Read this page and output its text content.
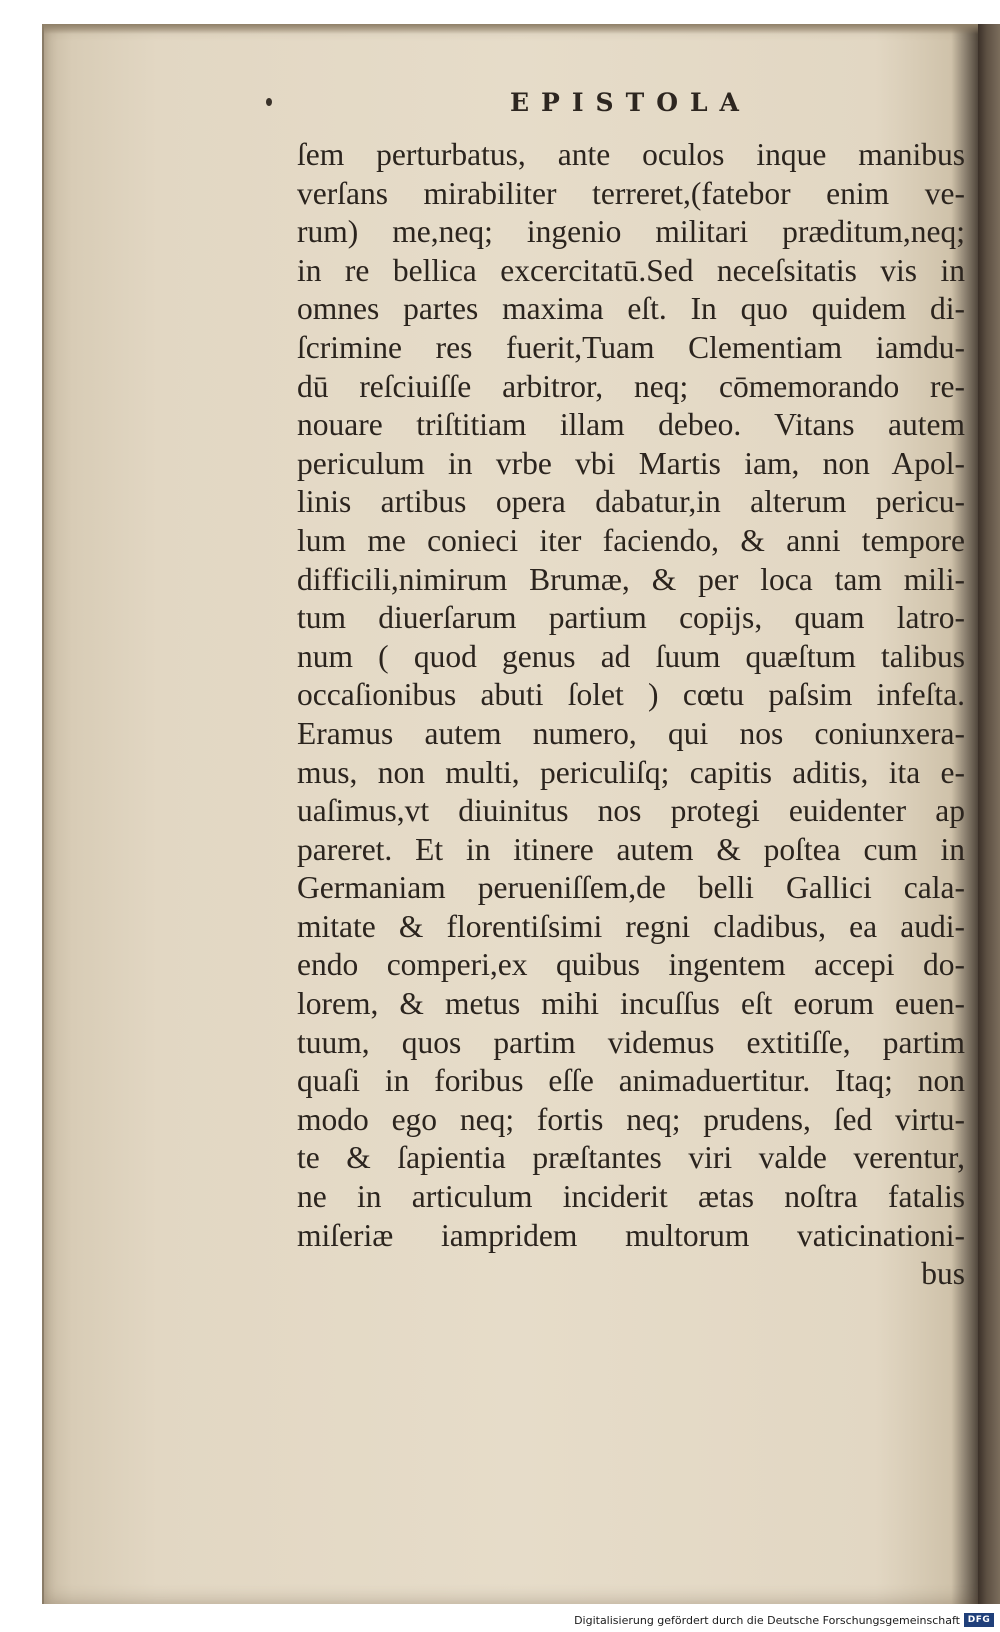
EPISTOLA
ſem perturbatus, ante oculos inque manibus
verſans mirabiliter terreret,(fatebor enim ve-
rum) me,neq; ingenio militari præditum,neq;
in re bellica excercitatū.Sed neceſsitatis vis in
omnes partes maxima eſt. In quo quidem di-
ſcrimine res fuerit,Tuam Clementiam iamdu-
dū reſciuiſſe arbitror, neq; cōmemorando re-
nouare triſtitiam illam debeo. Vitans autem
periculum in vrbe vbi Martis iam, non Apol-
linis artibus opera dabatur,in alterum pericu-
lum me conieci iter faciendo, & anni tempore
difficili,nimirum Brumæ, & per loca tam mili-
tum diuerſarum partium copijs, quam latro-
num ( quod genus ad ſuum quæſtum talibus
occaſionibus abuti ſolet ) cœtu paſsim infeſta.
Eramus autem numero, qui nos coniunxera-
mus, non multi, periculiſq; capitis aditis, ita e-
uaſimus,vt diuinitus nos protegi euidenter ap
pareret. Et in itinere autem & poſtea cum in
Germaniam perueniſſem,de belli Gallici cala-
mitate & florentiſsimi regni cladibus, ea audi-
endo comperi,ex quibus ingentem accepi do-
lorem, & metus mihi incuſſus eſt eorum euen-
tuum, quos partim videmus extitiſſe, partim
quaſi in foribus eſſe animaduertitur. Itaq; non
modo ego neq; fortis neq; prudens, ſed virtu-
te & ſapientia præſtantes viri valde verentur,
ne in articulum inciderit ætas noſtra fatalis
miſeriæ iampridem multorum vaticinationi-
bus
Digitalisierung gefördert durch die Deutsche Forschungsgemeinschaft DFG
